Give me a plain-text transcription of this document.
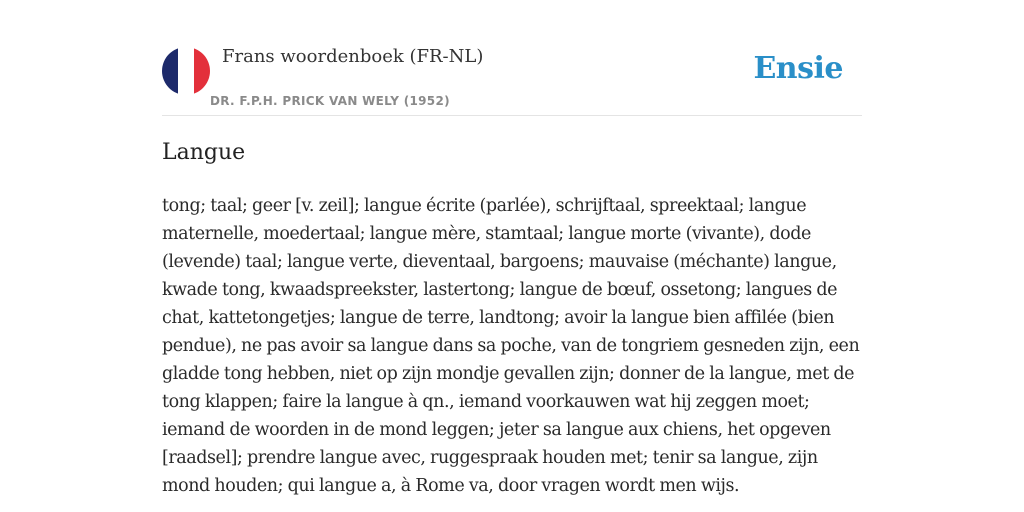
Frans woordenboek (FR-NL)
DR. F.P.H. PRICK VAN WELY (1952)
Ensie
Langue

tong; taal; geer [v. zeil]; langue écrite (parlée), schrijftaal, spreektaal; langue maternelle, moedertaal; langue mère, stamtaal; langue morte (vivante), dode (levende) taal; langue verte, dieventaal, bargoens; mauvaise (méchante) langue, kwade tong, kwaadspreekster, lastertong; langue de bœuf, ossetong; langues de chat, kattetongetjes; langue de terre, landtong; avoir la langue bien affilée (bien pendue), ne pas avoir sa langue dans sa poche, van de tongriem gesneden zijn, een gladde tong hebben, niet op zijn mondje gevallen zijn; donner de la langue, met de tong klappen; faire la langue à qn., iemand voorkauwen wat hij zeggen moet; iemand de woorden in de mond leggen; jeter sa langue aux chiens, het opgeven [raadsel]; prendre langue avec, ruggespraak houden met; tenir sa langue, zijn mond houden; qui langue a, à Rome va, door vragen wordt men wijs.
